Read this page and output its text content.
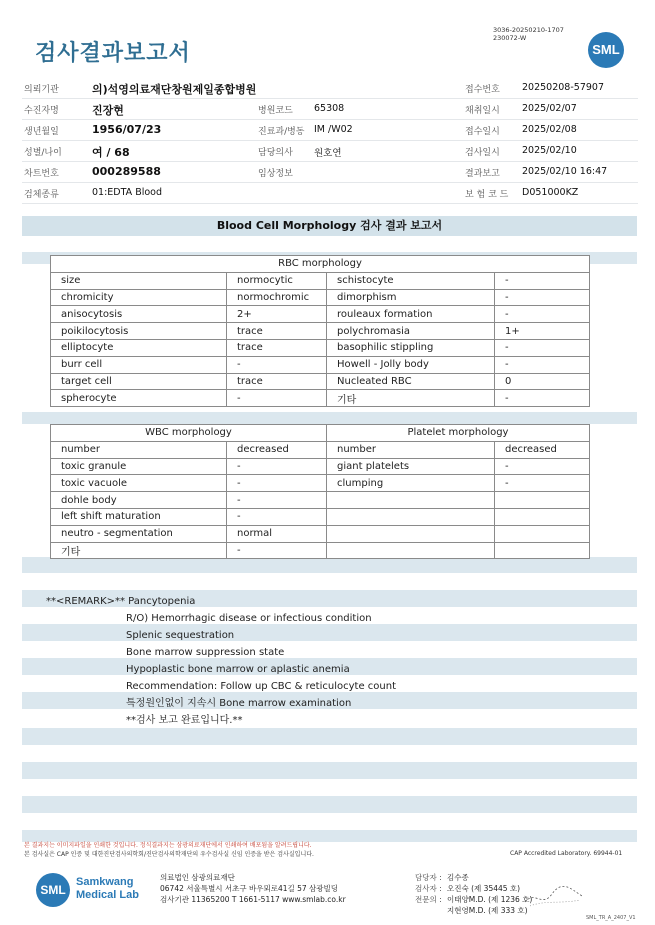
검사결과보고서
3036-20250210-1707
230072-W
SML
의뢰기관	의)석영의료재단창원제일종합병원	접수번호 20250208-57907
수진자명	진장현	병원코드 65308	채취일시 2025/02/07
생년월일	1956/07/23	진료과/병동 IM /W02	접수일시 2025/02/08
성별/나이	여 / 68	담당의사 원호연	검사일시 2025/02/10
차트번호	000289588	임상정보	결과보고 2025/02/10 16:47
검체종류	01:EDTA Blood	보 험 코 드 D051000KZ
Blood Cell Morphology 검사 결과 보고서
RBC morphology			
size	normocytic	schistocyte	-
chromicity	normochromic	dimorphism	-
anisocytosis	2+	rouleaux formation	-
poikilocytosis	trace	polychromasia	1+
elliptocyte	trace	basophilic stippling	-
burr cell	-	Howell - Jolly body	-
target cell	trace	Nucleated RBC	0
spherocyte	-	기타	-
WBC morphology		Platelet morphology	
number	decreased	number	decreased
toxic granule	-	giant platelets	-
toxic vacuole	-	clumping	-
dohle body	-		
left shift maturation	-		
neutro - segmentation	normal		
기타	-		
**<REMARK>** Pancytopenia
R/O) Hemorrhagic disease or infectious condition
Splenic sequestration
Bone marrow suppression state
Hypoplastic bone marrow or aplastic anemia
Recommendation: Follow up CBC & reticulocyte count
특정원인없이 지속시 Bone marrow examination
**검사 보고 완료입니다.**
본 결과지는 이미지파일을 인쇄한 것입니다. 정식결과지는 삼광의료재단에서 인쇄하여 배포됨을 알려드립니다.
본 검사실은 CAP 인증 및 대한진단검사의학회/진단검사의학재단의 우수검사실 신임 인증을 받은 검사실입니다.	CAP Accredited Laboratory. 69944-01
SML
Samkwang
Medical Lab
의료법인 삼광의료재단
06742 서울특별시 서초구 바우뫼로41길 57 삼광빌딩
검사기관 11365200 T 1661-5117 www.smlab.co.kr
담당자 : 김수종
검사자 : 오진숙 (제 35445 호)
전문의 : 이태양M.D. (제 1236 호)
지현영M.D. (제 333 호)
SML_TR_A_2407_V1
